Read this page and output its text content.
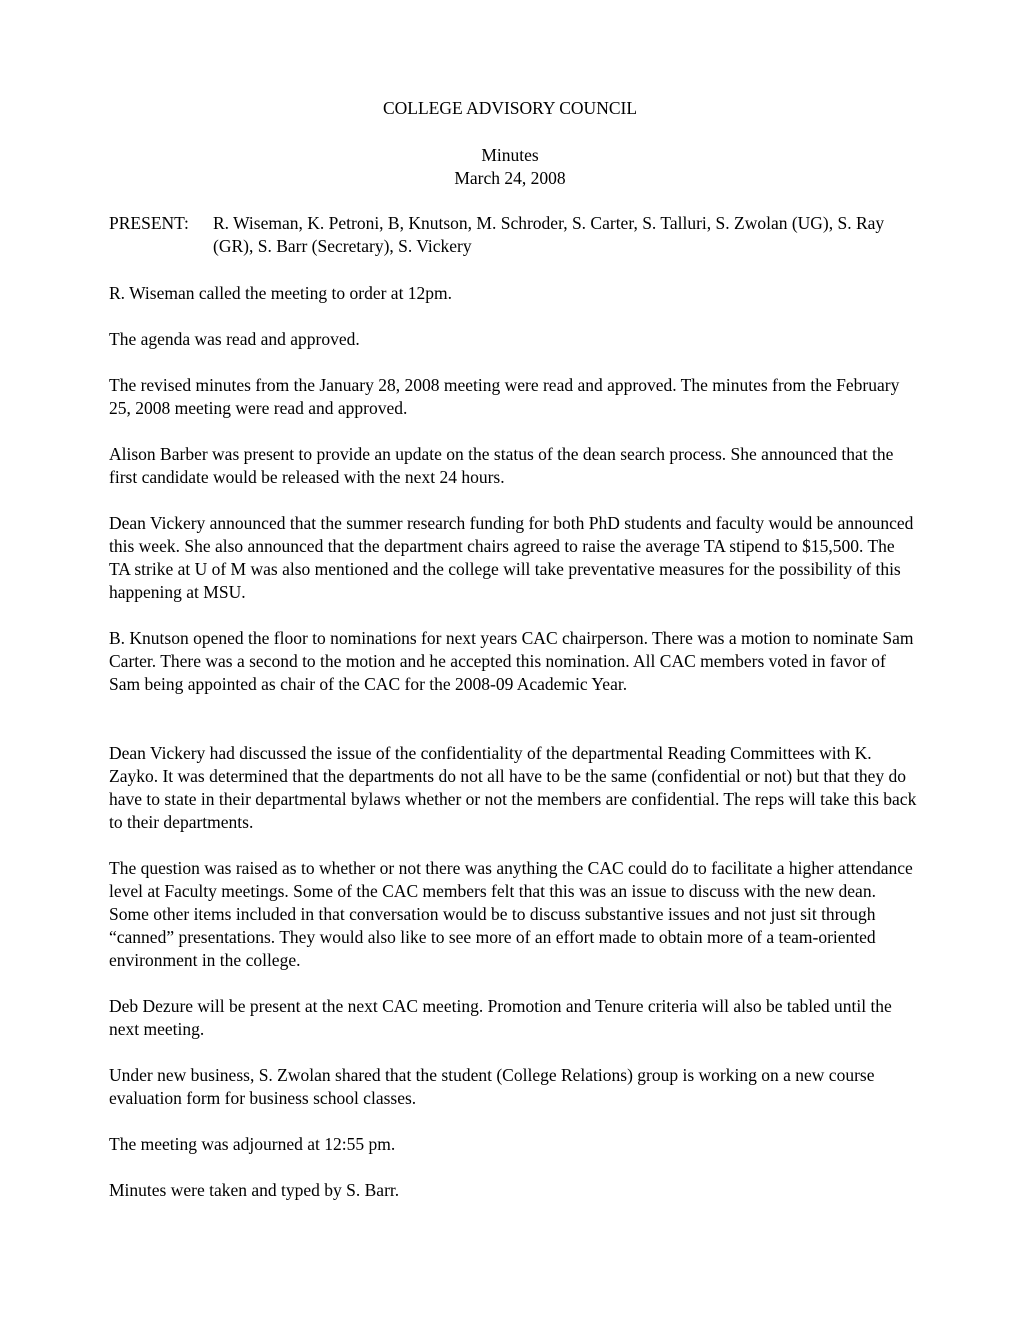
COLLEGE ADVISORY COUNCIL

Minutes

March 24, 2008

PRESENT: R. Wiseman, K. Petroni, B, Knutson, M. Schroder, S. Carter, S. Talluri, S. Zwolan (UG), S. Ray (GR), S. Barr (Secretary), S. Vickery

R. Wiseman called the meeting to order at 12pm.

The agenda was read and approved.

The revised minutes from the January 28, 2008 meeting were read and approved. The minutes from the February 25, 2008 meeting were read and approved.

Alison Barber was present to provide an update on the status of the dean search process. She announced that the first candidate would be released with the next 24 hours.

Dean Vickery announced that the summer research funding for both PhD students and faculty would be announced this week. She also announced that the department chairs agreed to raise the average TA stipend to $15,500. The TA strike at U of M was also mentioned and the college will take preventative measures for the possibility of this happening at MSU.

B. Knutson opened the floor to nominations for next years CAC chairperson. There was a motion to nominate Sam Carter. There was a second to the motion and he accepted this nomination. All CAC members voted in favor of Sam being appointed as chair of the CAC for the 2008-09 Academic Year.

Dean Vickery had discussed the issue of the confidentiality of the departmental Reading Committees with K. Zayko. It was determined that the departments do not all have to be the same (confidential or not) but that they do have to state in their departmental bylaws whether or not the members are confidential. The reps will take this back to their departments.

The question was raised as to whether or not there was anything the CAC could do to facilitate a higher attendance level at Faculty meetings. Some of the CAC members felt that this was an issue to discuss with the new dean. Some other items included in that conversation would be to discuss substantive issues and not just sit through “canned” presentations. They would also like to see more of an effort made to obtain more of a team-oriented environment in the college.

Deb Dezure will be present at the next CAC meeting. Promotion and Tenure criteria will also be tabled until the next meeting.

Under new business, S. Zwolan shared that the student (College Relations) group is working on a new course evaluation form for business school classes.

The meeting was adjourned at 12:55 pm.

Minutes were taken and typed by S. Barr.
